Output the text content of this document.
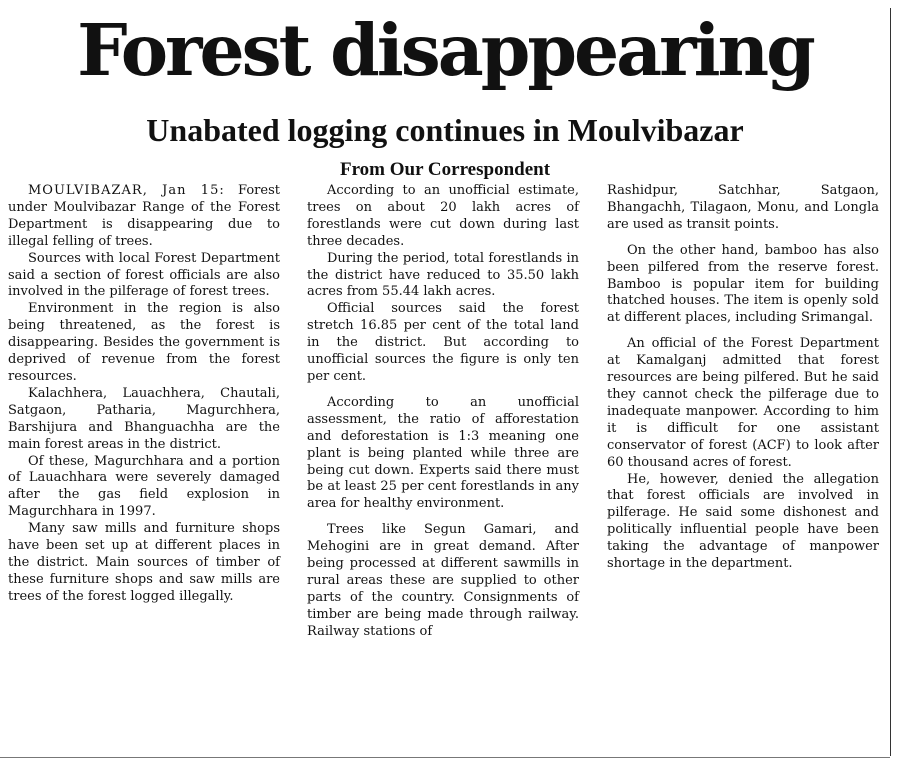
Forest disappearing
Unabated logging continues in Moulvibazar
From Our Correspondent

MOULVIBAZAR, Jan 15: Forest under Moulvibazar Range of the Forest Department is disappearing due to illegal felling of trees.

Sources with local Forest Department said a section of forest officials are also involved in the pilferage of forest trees.

Environment in the region is also being threatened, as the forest is disappearing. Besides the government is deprived of revenue from the forest resources.

Kalachhera, Lauachhera, Chautali, Satgaon, Patharia, Magurchhera, Barshijura and Bhanguachha are the main forest areas in the district.

Of these, Magurchhara and a portion of Lauachhara were severely damaged after the gas field explosion in Magurchhara in 1997.

Many saw mills and furniture shops have been set up at different places in the district. Main sources of timber of these furniture shops and saw mills are trees of the forest logged illegally.

According to an unofficial estimate, trees on about 20 lakh acres of forestlands were cut down during last three decades.

During the period, total forestlands in the district have reduced to 35.50 lakh acres from 55.44 lakh acres.

Official sources said the forest stretch 16.85 per cent of the total land in the district. But according to unofficial sources the figure is only ten per cent.

According to an unofficial assessment, the ratio of afforestation and deforestation is 1:3 meaning one plant is being planted while three are being cut down. Experts said there must be at least 25 per cent forestlands in any area for healthy environment.

Trees like Segun Gamari, and Mehogini are in great demand. After being processed at different sawmills in rural areas these are supplied to other parts of the country. Consignments of timber are being made through railway. Railway stations of

Rashidpur, Satchhar, Satgaon, Bhangachh, Tilagaon, Monu, and Longla are used as transit points.

On the other hand, bamboo has also been pilfered from the reserve forest. Bamboo is popular item for building thatched houses. The item is openly sold at different places, including Srimangal.

An official of the Forest Department at Kamalganj admitted that forest resources are being pilfered. But he said they cannot check the pilferage due to inadequate manpower. According to him it is difficult for one assistant conservator of forest (ACF) to look after 60 thousand acres of forest.

He, however, denied the allegation that forest officials are involved in pilferage. He said some dishonest and politically influential people have been taking the advantage of manpower shortage in the department.
